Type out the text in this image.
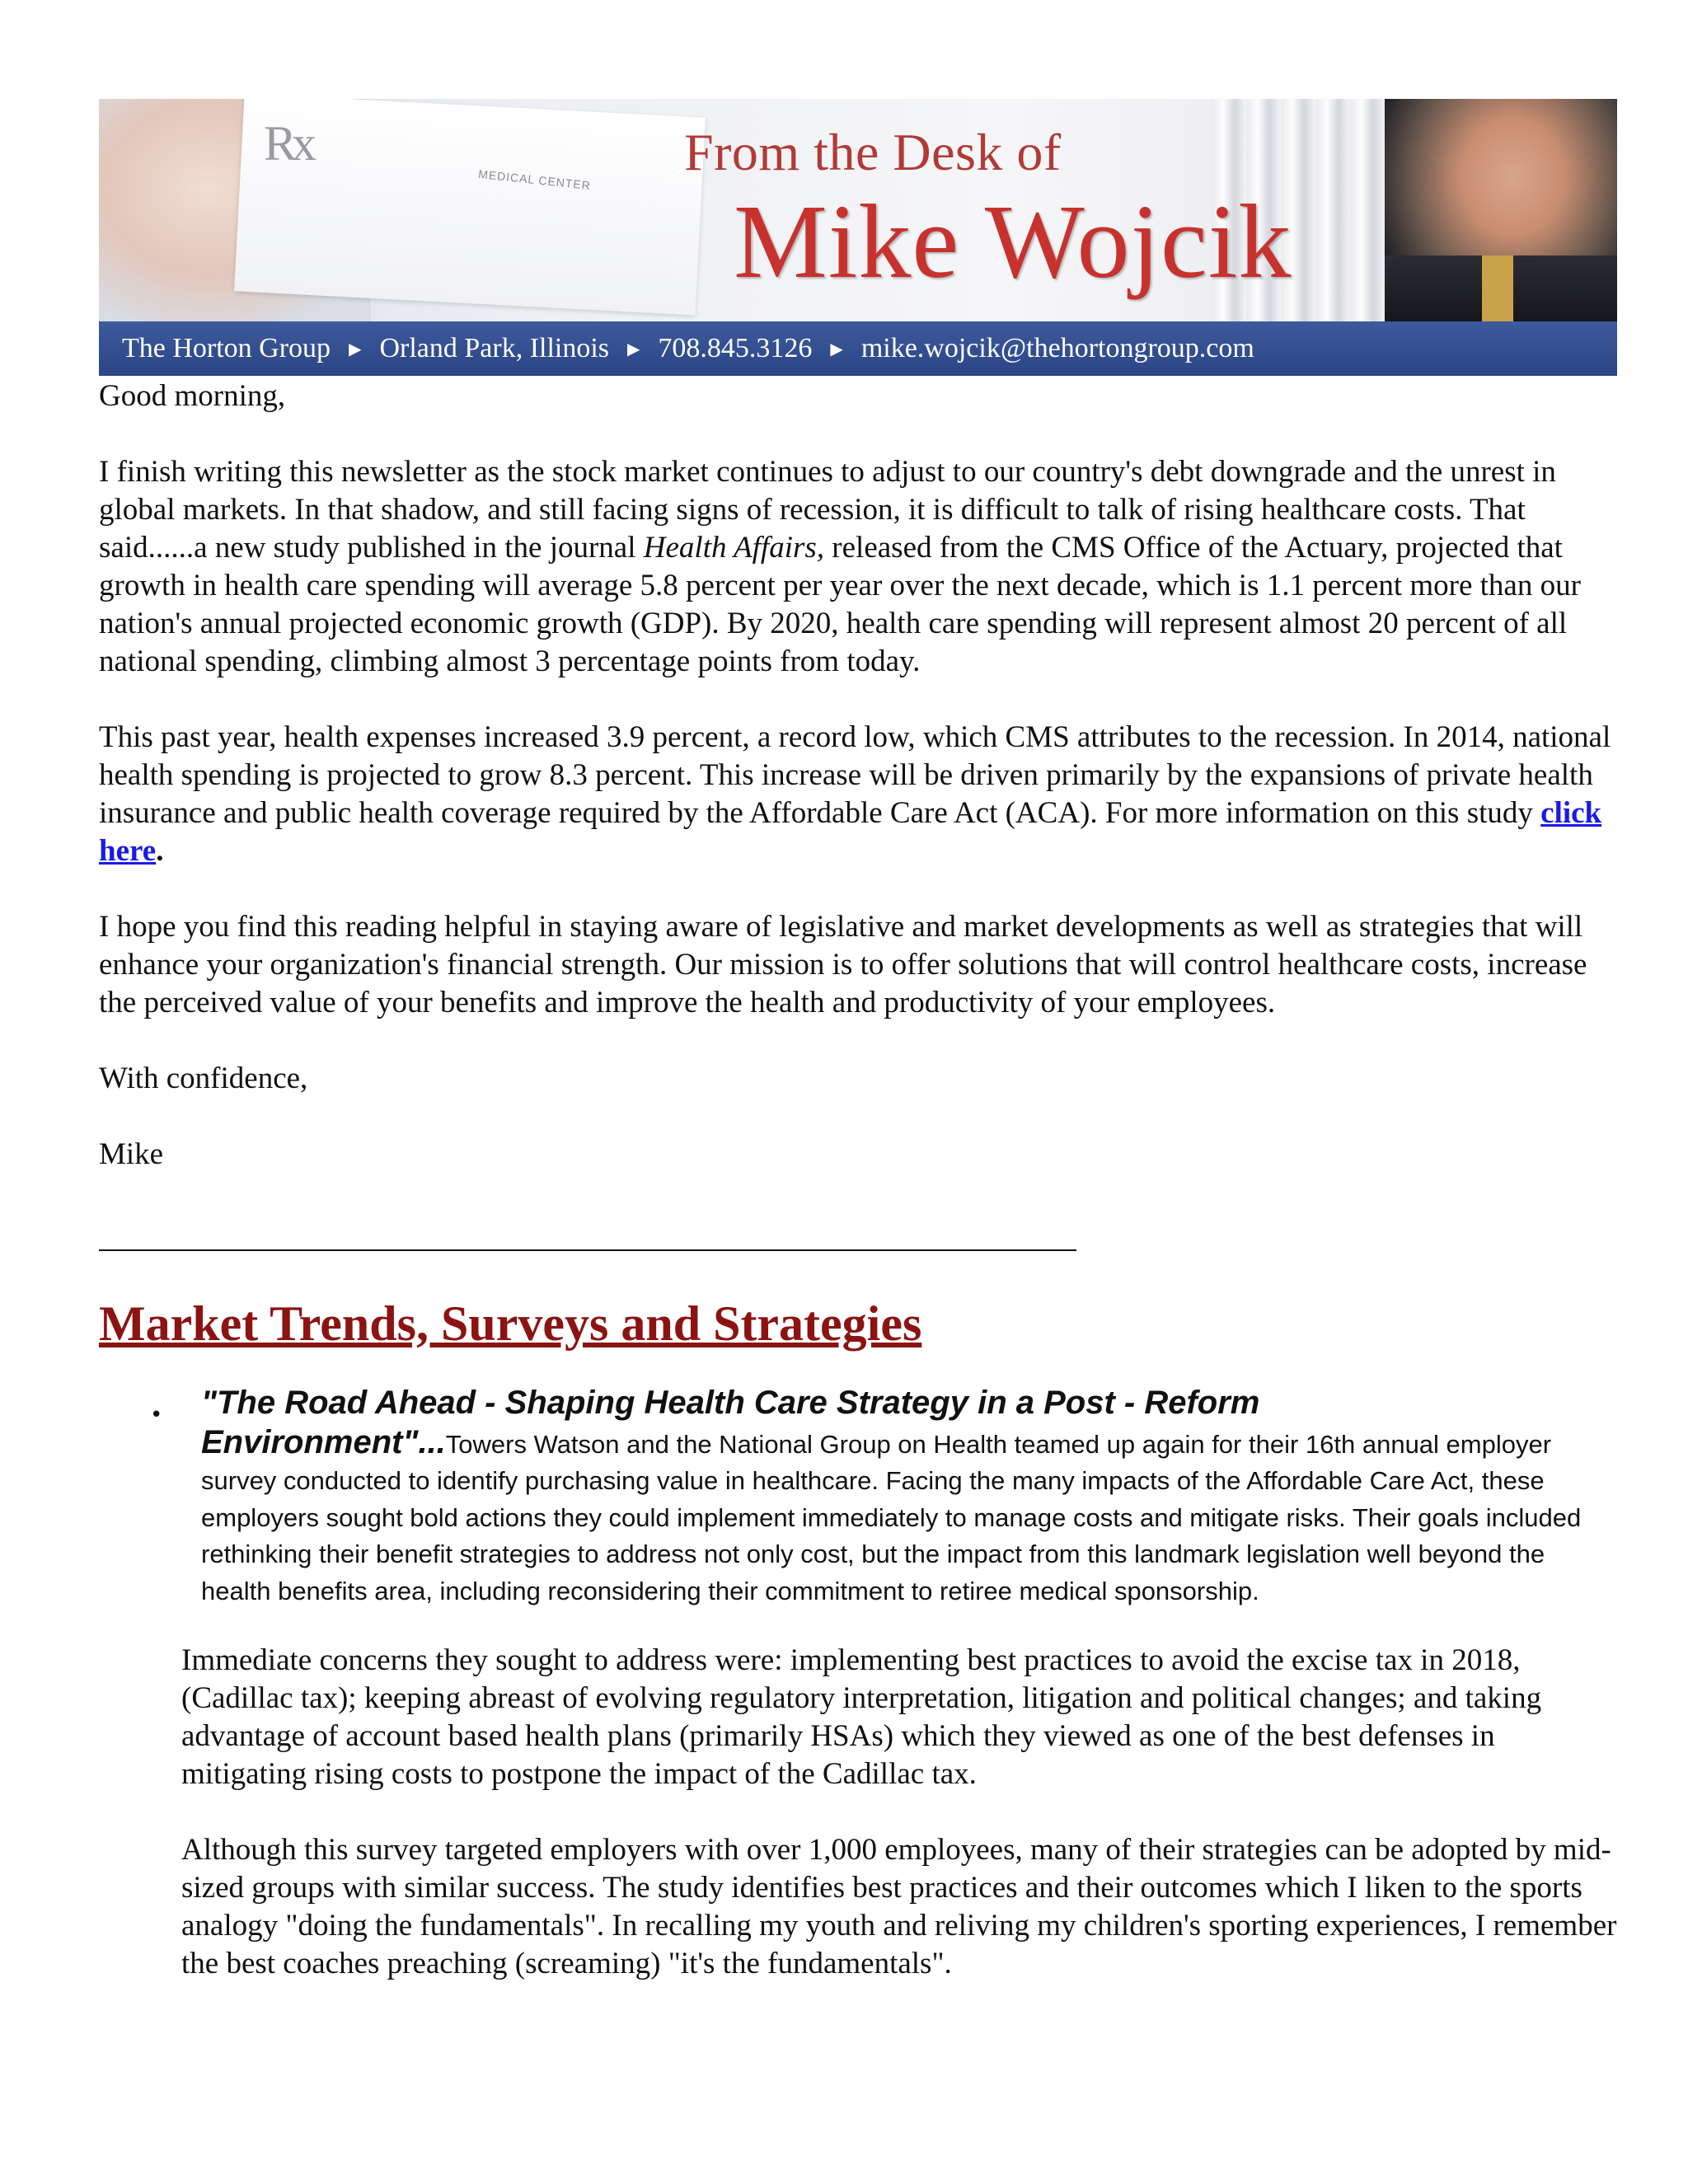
Rx
MEDICAL CENTER From the Desk of
Mike Wojcik
The Horton Group ▶ Orland Park, Illinois ▶ 708.845.3126 ▶ mike.wojcik@thehortongroup.com

Good morning,

I finish writing this newsletter as the stock market continues to adjust to our country's debt downgrade and the unrest in global markets. In that shadow, and still facing signs of recession, it is difficult to talk of rising healthcare costs. That said......a new study published in the journal Health Affairs, released from the CMS Office of the Actuary, projected that growth in health care spending will average 5.8 percent per year over the next decade, which is 1.1 percent more than our nation's annual projected economic growth (GDP). By 2020, health care spending will represent almost 20 percent of all national spending, climbing almost 3 percentage points from today.

This past year, health expenses increased 3.9 percent, a record low, which CMS attributes to the recession. In 2014, national health spending is projected to grow 8.3 percent. This increase will be driven primarily by the expansions of private health insurance and public health coverage required by the Affordable Care Act (ACA). For more information on this study click here.

I hope you find this reading helpful in staying aware of legislative and market developments as well as strategies that will enhance your organization's financial strength. Our mission is to offer solutions that will control healthcare costs, increase the perceived value of your benefits and improve the health and productivity of your employees.

With confidence,

Mike

Market Trends, Surveys and Strategies
• "The Road Ahead - Shaping Health Care Strategy in a Post - Reform Environment"...Towers Watson and the National Group on Health teamed up again for their 16th annual employer survey conducted to identify purchasing value in healthcare. Facing the many impacts of the Affordable Care Act, these employers sought bold actions they could implement immediately to manage costs and mitigate risks. Their goals included rethinking their benefit strategies to address not only cost, but the impact from this landmark legislation well beyond the health benefits area, including reconsidering their commitment to retiree medical sponsorship.

Immediate concerns they sought to address were: implementing best practices to avoid the excise tax in 2018, (Cadillac tax); keeping abreast of evolving regulatory interpretation, litigation and political changes; and taking advantage of account based health plans (primarily HSAs) which they viewed as one of the best defenses in mitigating rising costs to postpone the impact of the Cadillac tax.

Although this survey targeted employers with over 1,000 employees, many of their strategies can be adopted by mid-sized groups with similar success. The study identifies best practices and their outcomes which I liken to the sports analogy "doing the fundamentals". In recalling my youth and reliving my children's sporting experiences, I remember the best coaches preaching (screaming) "it's the fundamentals".
